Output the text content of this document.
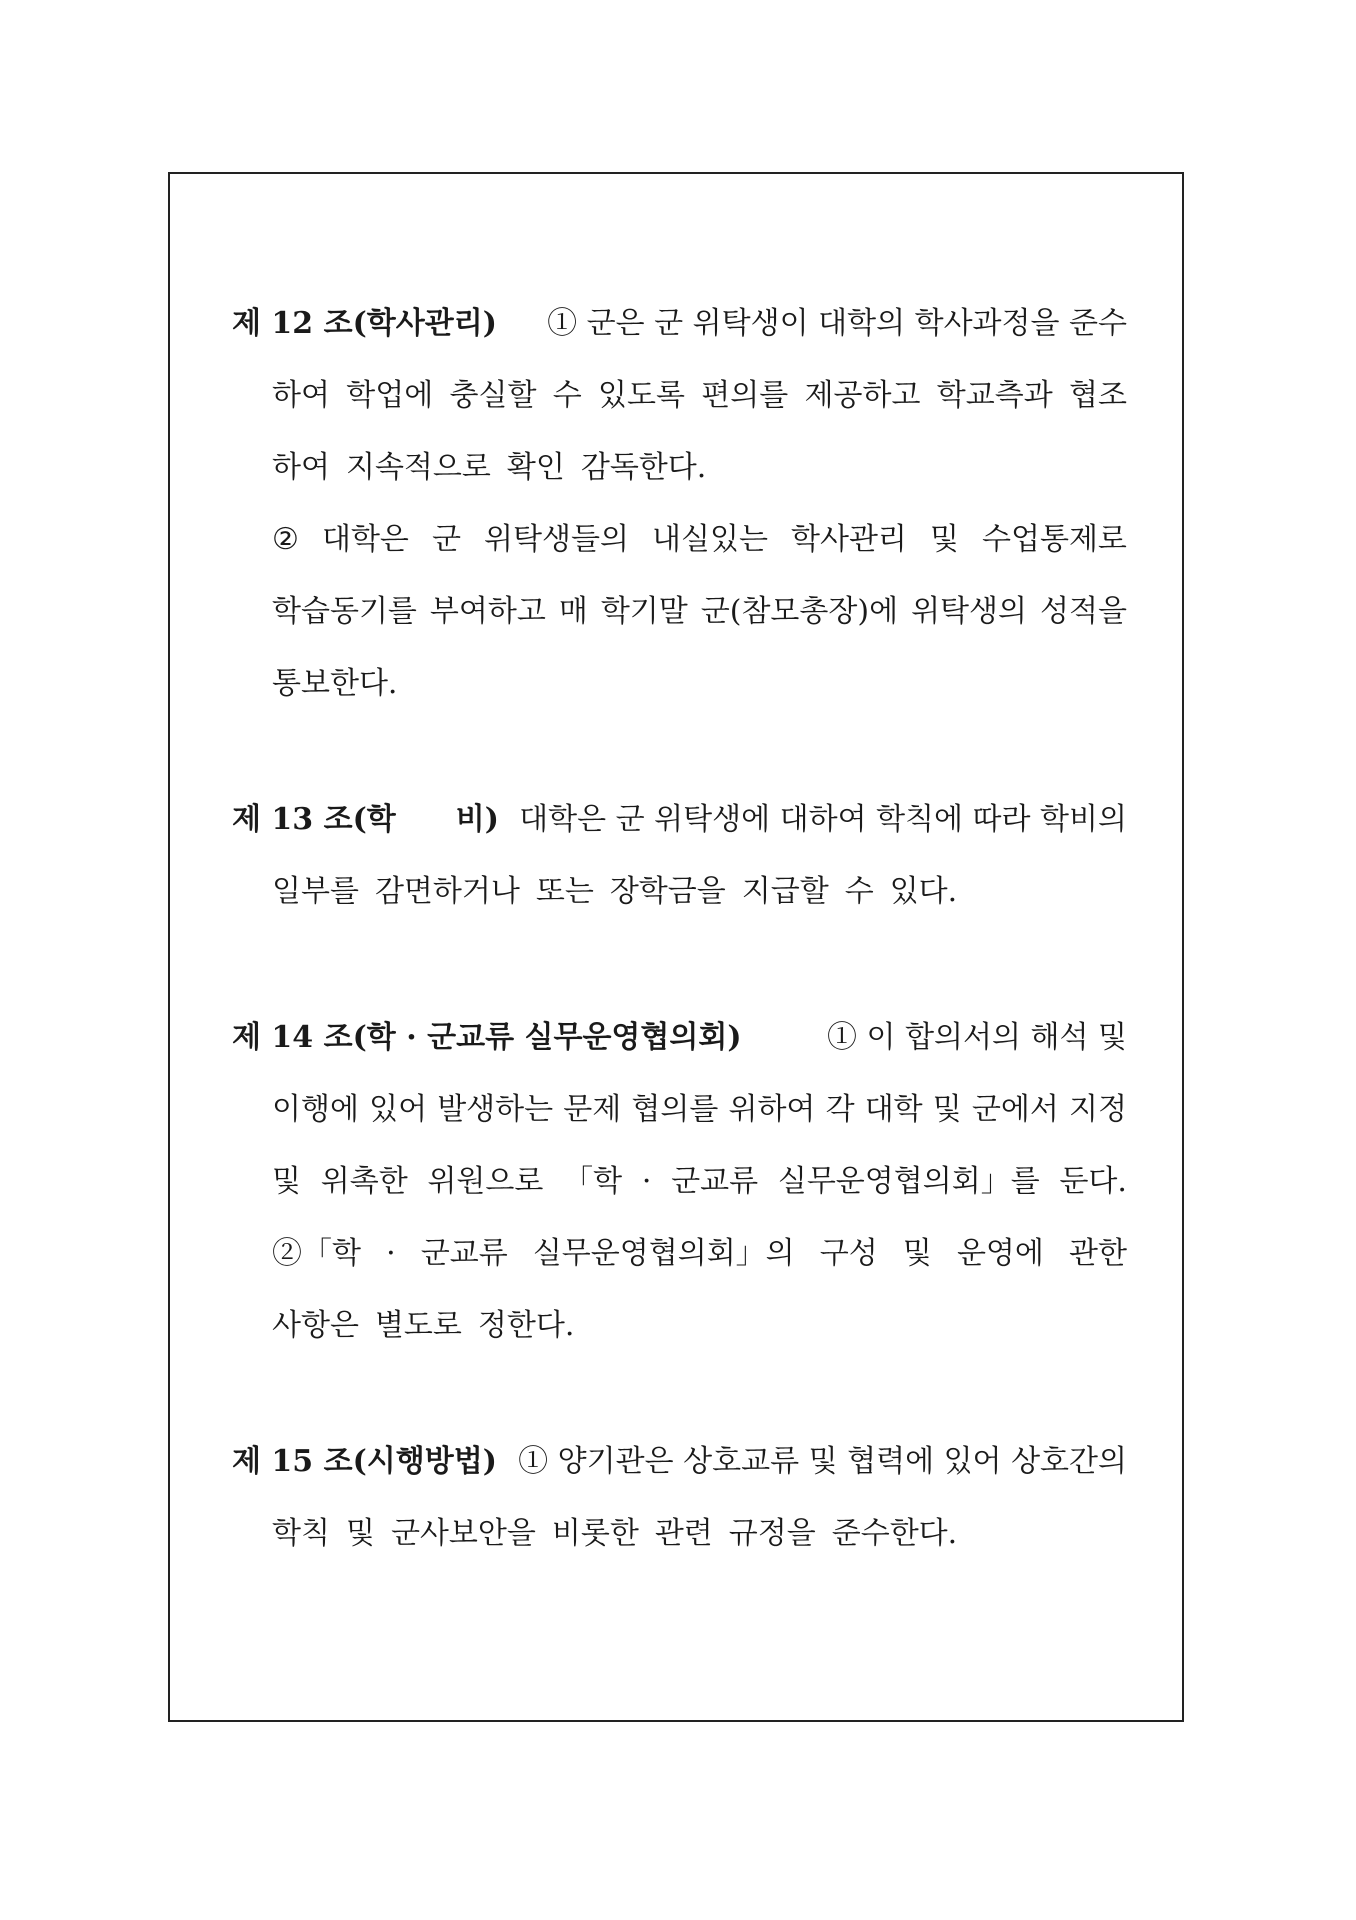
제 12 조(학사관리) ① 군은 군 위탁생이 대학의 학사과정을 준수
하여 학업에 충실할 수 있도록 편의를 제공하고 학교측과 협조
하여 지속적으로 확인 감독한다.
② 대학은 군 위탁생들의 내실있는 학사관리 및 수업통제로
학습동기를 부여하고 매 학기말 군(참모총장)에 위탁생의 성적을
통보한다.
제 13 조(학　　비) 대학은 군 위탁생에 대하여 학칙에 따라 학비의
일부를 감면하거나 또는 장학금을 지급할 수 있다.
제 14 조(학 · 군교류 실무운영협의회)	① 이 합의서의 해석 및
이행에 있어 발생하는 문제 협의를 위하여 각 대학 및 군에서 지정
및 위촉한 위원으로 「학 · 군교류 실무운영협의회」를 둔다.
②「학 · 군교류 실무운영협의회」의 구성 및 운영에 관한
사항은 별도로 정한다.
제 15 조(시행방법) ① 양기관은 상호교류 및 협력에 있어 상호간의
학칙 및 군사보안을 비롯한 관련 규정을 준수한다.
